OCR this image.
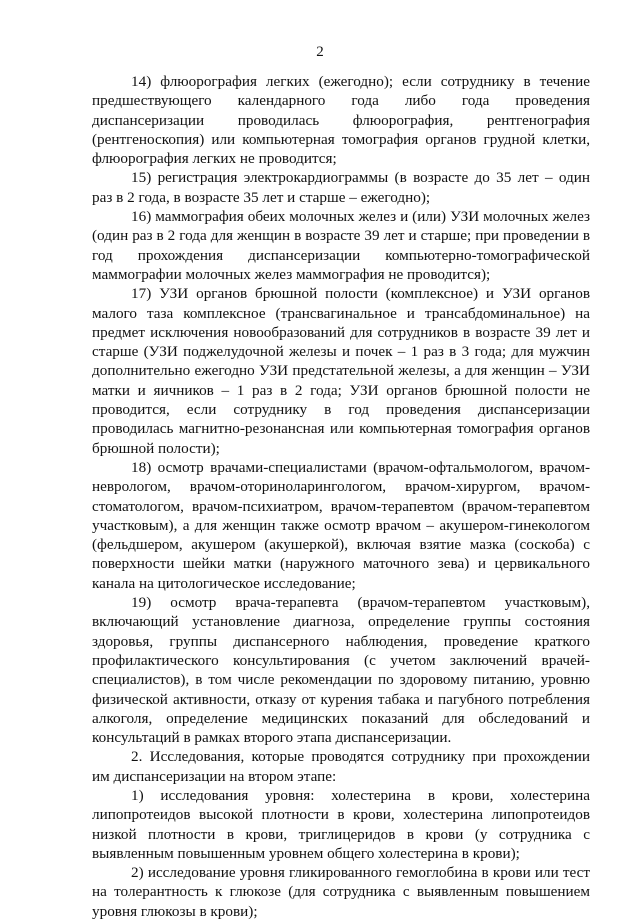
2

14) флюорография легких (ежегодно); если сотруднику в течение предшествующего календарного года либо года проведения диспансеризации проводилась флюорография, рентгенография (рентгеноскопия) или компьютерная томография органов грудной клетки, флюорография легких не проводится;

15) регистрация электрокардиограммы (в возрасте до 35 лет – один раз в 2 года, в возрасте 35 лет и старше – ежегодно);

16) маммография обеих молочных желез и (или) УЗИ молочных желез (один раз в 2 года для женщин в возрасте 39 лет и старше; при проведении в год прохождения диспансеризации компьютерно-томографической маммографии молочных желез маммография не проводится);

17) УЗИ органов брюшной полости (комплексное) и УЗИ органов малого таза комплексное (трансвагинальное и трансабдоминальное) на предмет исключения новообразований для сотрудников в возрасте 39 лет и старше (УЗИ поджелудочной железы и почек – 1 раз в 3 года; для мужчин дополнительно ежегодно УЗИ предстательной железы, а для женщин – УЗИ матки и яичников – 1 раз в 2 года; УЗИ органов брюшной полости не проводится, если сотруднику в год проведения диспансеризации проводилась магнитно-резонансная или компьютерная томография органов брюшной полости);

18) осмотр врачами-специалистами (врачом-офтальмологом, врачом-неврологом, врачом-оториноларингологом, врачом-хирургом, врачом-стоматологом, врачом-психиатром, врачом-терапевтом (врачом-терапевтом участковым), а для женщин также осмотр врачом – акушером-гинекологом (фельдшером, акушером (акушеркой), включая взятие мазка (соскоба) с поверхности шейки матки (наружного маточного зева) и цервикального канала на цитологическое исследование;

19) осмотр врача-терапевта (врачом-терапевтом участковым), включающий установление диагноза, определение группы состояния здоровья, группы диспансерного наблюдения, проведение краткого профилактического консультирования (с учетом заключений врачей-специалистов), в том числе рекомендации по здоровому питанию, уровню физической активности, отказу от курения табака и пагубного потребления алкоголя, определение медицинских показаний для обследований и консультаций в рамках второго этапа диспансеризации.

2. Исследования, которые проводятся сотруднику при прохождении им диспансеризации на втором этапе:

1) исследования уровня: холестерина в крови, холестерина липопротеидов высокой плотности в крови, холестерина липопротеидов низкой плотности в крови, триглицеридов в крови (у сотрудника с выявленным повышенным уровнем общего холестерина в крови);

2) исследование уровня гликированного гемоглобина в крови или тест на толерантность к глюкозе (для сотрудника с выявленным повышением уровня глюкозы в крови);
